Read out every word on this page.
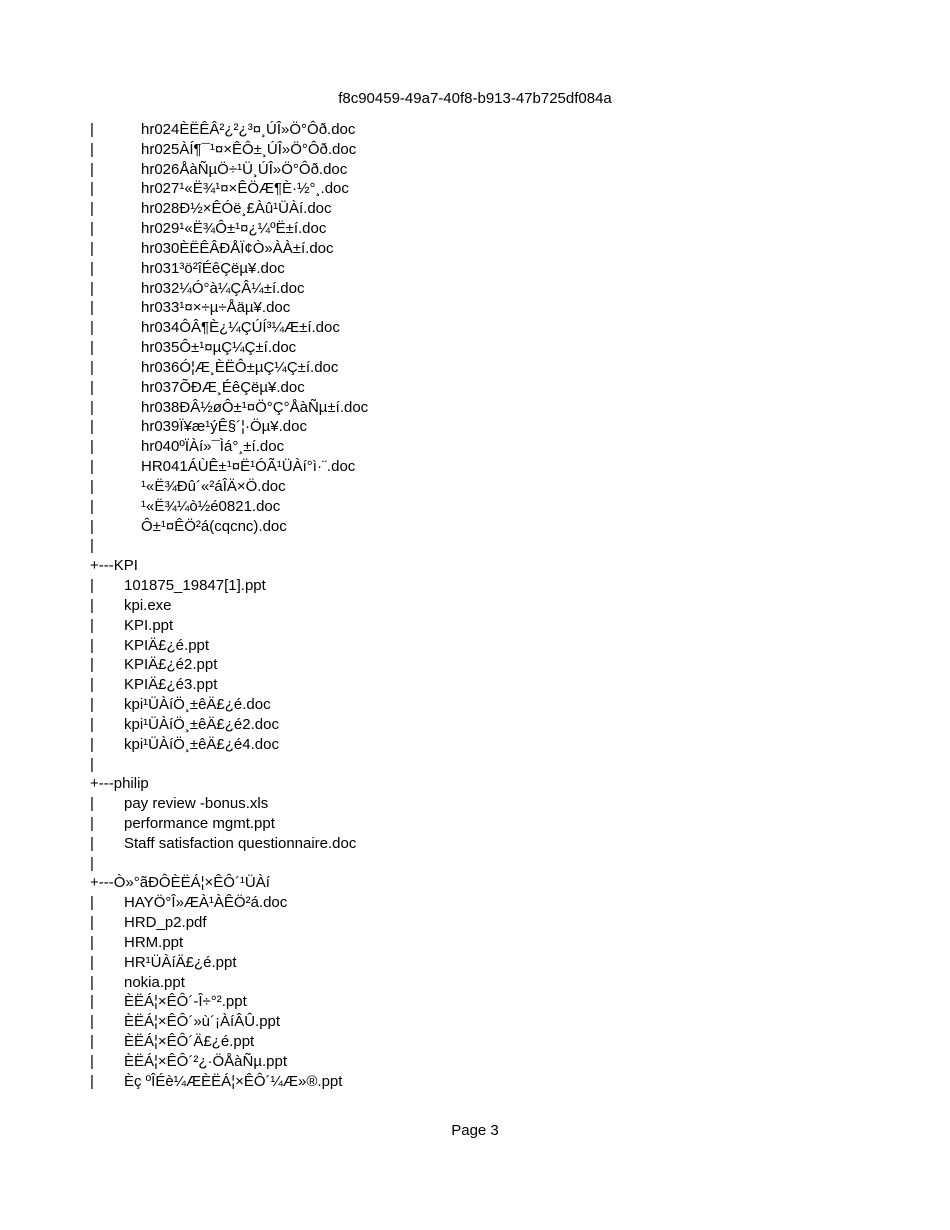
f8c90459-49a7-40f8-b913-47b725df084a
|	hr024ÈËÊÂ²¿²¿³¤¸ÚÎ»Ö°Ôð.doc
|	hr025ÀÍ¶¯¹¤×ÊÔ±¸ÚÎ»Ö°Ôð.doc
|	hr026ÅàÑµÖ÷¹Ü¸ÚÎ»Ö°Ôð.doc
|	hr027¹«Ë¾¹¤×ÊÖÆ¶È·½°¸.doc
|	hr028Ð½×ÊÓë¸£Àû¹ÜÀí.doc
|	hr029¹«Ë¾Ô±¹¤¿¼ºË±í.doc
|	hr030ÈËÊÂÐÅÏ¢Ò»ÀÀ±í.doc
|	hr031³ö²îÉêÇëµ¥.doc
|	hr032¼Ó°à¼ÇÂ¼±í.doc
|	hr033¹¤×÷µ÷Åäµ¥.doc
|	hr034ÔÂ¶È¿¼ÇÚÍ³¼Æ±í.doc
|	hr035Ô±¹¤µÇ¼Ç±í.doc
|	hr036Ó¦Æ¸ÈËÔ±µÇ¼Ç±í.doc
|	hr037ÕÐÆ¸ÉêÇëµ¥.doc
|	hr038ÐÂ½øÔ±¹¤Ö°Ç°ÅàÑµ±í.doc
|	hr039Ï¥æ¹ýÊ§´¦·Öµ¥.doc
|	hr040ºÏÀí»¯Ìá°¸±í.doc
|	HR041ÁÙÊ±¹¤Ë¹ÓÃ¹ÜÀí°ì·¨.doc
|	¹«Ë¾Ðû´«²áÎÄ×Ö.doc
|	¹«Ë¾¼ò½é0821.doc
|	Ô±¹¤ÊÖ²á(cqcnc).doc
|
+---KPI
| 101875_19847[1].ppt
| kpi.exe
| KPI.ppt
| KPIÄ£¿é.ppt
| KPIÄ£¿é2.ppt
| KPIÄ£¿é3.ppt
| kpi¹ÜÀíÖ¸±êÄ£¿é.doc
| kpi¹ÜÀíÖ¸±êÄ£¿é2.doc
| kpi¹ÜÀíÖ¸±êÄ£¿é4.doc
|
+---philip
| pay review -bonus.xls
| performance mgmt.ppt
| Staff satisfaction questionnaire.doc
|
+---Ò»°ãÐÔÈËÁ¦×ÊÔ´¹ÜÀí
| HAYÖ°Î»ÆÀ¹ÀÊÖ²á.doc
| HRD_p2.pdf
| HRM.ppt
| HR¹ÜÀíÄ£¿é.ppt
| nokia.ppt
| ÈËÁ¦×ÊÔ´-Î÷°².ppt
| ÈËÁ¦×ÊÔ´»ù´¡ÀíÂÛ.ppt
| ÈËÁ¦×ÊÔ´Ä£¿é.ppt
| ÈËÁ¦×ÊÔ´²¿·ÖÅàÑµ.ppt
| Èç ºÎÉè¼ÆÈËÁ¦×ÊÔ´¼Æ»®.ppt
Page 3
